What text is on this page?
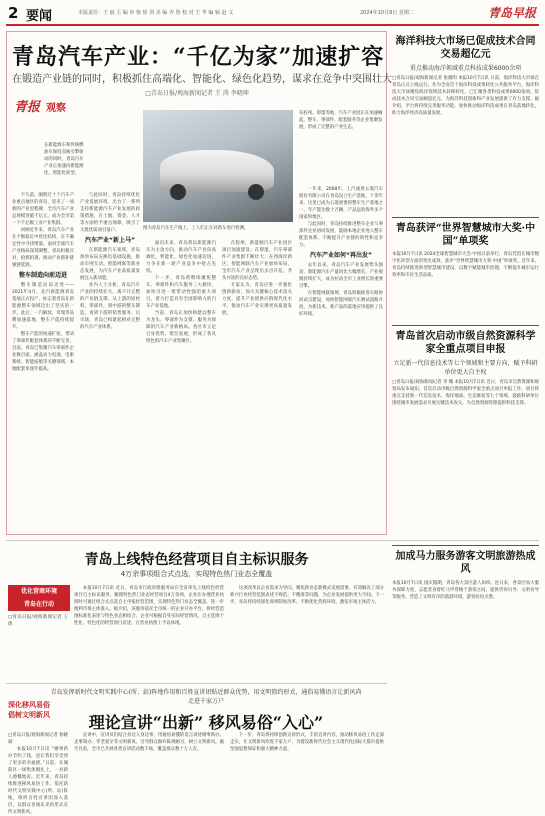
2 要闻	本版责任：王 丽 主 编 审 核 徐 剑 美 编 齐 鲁 校 对 王 华 编 辑 赵 文	2024年10月8日 星期二	青岛早报
青岛汽车产业：“千亿为家”加速扩容
在锻造产业链的同时，积极抓住高端化、智能化、绿色化趋势，谋求在竞争中突围壮大
□青岛日报/观海新闻记者 王 涛 李晓坤
青报 观察
在新能源车和传统燃油车保持双核引擎驱动的同时，青岛汽车产业正加速向新能源化、智能化转型。
图为青岛汽车生产线上，工人们正在对新车进行检测。
在胶州、即墨等地，汽车产业园正在加速崛起，整车、零部件、配套服务等企业集聚发展，形成了完整的产业生态。

不久前，刚跨过十个汽车产业重点地区的青岛，迎来了一项新的产业里程碑，全市汽车产业总规模突破千亿元，成为全市第一个千亿级工业产业集群。

回顾近年来，青岛汽车产业在不断稳定中优化结构，在不确定性中寻找增量。面对全球汽车产业格局深刻调整，青岛积极应对，抢抓机遇，推动产业链补链强链延链。

整车制造向前迈进

整车制造向前迈进——2021年4月，北汽新能源青岛基地正式投产，标志着青岛在新能源整车领域迈出了坚实的一步。此后，一汽解放、奇瑞等品牌加速落地，整车产能持续提升。

整车产能的快速扩张，带动了零部件配套体系的不断完善。目前，青岛已集聚汽车零部件企业数百家，涵盖动力电池、电驱系统、智能座舱等关键领域，本地配套率逐年提高。

与此同时，青岛持续优化产业发展环境，出台了一系列支持新能源汽车产业发展的政策措施，在土地、资金、人才等方面给予重点保障，吸引了大批优质项目落户。

汽车产业“新上马”

在新能源汽车领域，青岛加快布局充换电基础设施，推动车网互动、智能网联等新业态发展，为汽车产业高质量发展注入新动能。

业内人士分析，青岛汽车产业的持续壮大，离不开完整的产业链支撑。从上游的原材料、零部件，到中游的整车制造，再到下游的销售服务、后市场，青岛已构建起相对完整的汽车产业体系。

面向未来，青岛将以新能源汽车为主攻方向，推动汽车产业向高端化、智能化、绿色化加速迈进，力争在新一轮产业竞争中抢占先机。

下一步，青岛将继续聚焦整车、零部件和汽车服务三大板块，加快引进一批带动性强的重大项目，着力打造具有全国影响力的汽车产业基地。

当前，青岛正加快构建以整车为龙头、零部件为支撑、服务为保障的汽车产业新格局。各区市立足自身优势，错位发展，形成了各具特色的汽车产业集聚区。

在胶州，新能源汽车产业园区项目加速建设；在即墨，汽车零部件产业集群不断壮大；在西海岸新区，智能网联汽车产业加快布局，全市汽车产业呈现出多点开花、齐头并进的良好态势。

专家认为，青岛应进一步强化创新驱动，加大关键核心技术攻关力度，提升产业链供应链现代化水平，推动汽车产业实现更高质量发展。

一年来，2008年，上汽通用五菱汽车股份有限公司在青岛设立生产基地，十余年来，这里已成为五菱重要的整车生产基地之一，年产能达数十万辆，产品远销海外多个国家和地区。

与此同时，青岛持续推进整车企业与零部件企业协同发展，鼓励本地企业进入整车配套体系，不断提升产业链的韧性和竞争力。

汽车产业如何“再出发”

去年以来，青岛汽车产业发展势头强劲，新能源汽车产量同比大幅增长，产业规模持续扩大，成为拉动全市工业增长的重要引擎。

在智能网联领域，青岛积极推进车路协同试点建设，加快智能网联汽车测试道路开放，为新技术、新产品的落地应用提供了良好环境。

海洋科技大市场已促成技术合同交易超亿元
重点推动海洋领域重点科技成果6000余项
□青岛日报/观海新闻记者 张晓明 本报10月7日讯 日前，海洋科技大市场在青岛正式上线运行。作为全省首个海洋科技成果转化公共服务平台，海洋科技大市场聚焦海洋领域技术转移转化，已汇聚各类科技成果6000余项，促成技术合同交易额超亿元，为海洋科技创新和产业发展提供了有力支撑。据介绍，平台将持续完善服务功能，加快推动海洋科技成果在青岛落地转化，助力海洋经济高质量发展。
青岛获评“世界智慧城市大奖·中国”单项奖
本报10月7日讯 2024全球智慧城市大会·中国日前举行，青岛凭借在城市数字化转型方面的突出成效，获评“世界智慧城市大奖·中国”单项奖。近年来，青岛持续推进新型智慧城市建设，以数字赋能城市治理，不断提升城市运行效率和市民生活品质。
青岛首次启动市级自然资源科学家全重点项目申报
立足新一代信息技术等七个领域和主要方向，赋予科研单位更大自主权
□青岛日报/观海新闻记者 李 娜 本报10月7日讯 近日，青岛市自然资源和规划局发布通知，首次启动市级自然资源科学家全重点项目申报工作。项目将重点支持新一代信息技术、海洋地质、生态修复等七个领域，鼓励科研单位围绕城市发展需求开展关键技术攻关，为自然资源管理提供科技支撑。
青岛上线特色经营项目自主标识服务
4万余事项组合式点选，实现特色热门业态全覆盖
优化营商环境
青岛在行动
□青岛日报/观海新闻记者 王 倩

本报10月7日讯 近日，青岛市行政审批服务局在全省率先上线特色经营项目自主标识服务，梳理特色热门业态经营项目4万余项，企业在办理营业执照时可通过组合式点选自主申报经营范围，实现特色热门业态全覆盖，进一步便利市场主体准入。据介绍，该服务依托全市统一的企业开办平台，将经营范围标准化表述与特色业态相结合，企业可根据自身实际经营情况，自主选择个性化、特色化的经营项目表述，在营业执照上予以体现。

这项改革以企业需求为导向，聚焦新业态新模式发展需要，有效解决了部分新兴行业经营范围表述不规范、不精准等问题，为企业发展提供更大空间。下一步，青岛将持续深化商事制度改革，不断优化营商环境，激发市场主体活力。

青岛发挥新时代文明实践中心(所、站)阵地作用和百姓宣讲团贴近群众优势，用文明简约形式，通俗易懂语言让新风尚走进千家万户
理论宣讲“出新” 移风易俗“入心”
深化移风易俗
倡树文明新风
□青岛日报/观海新闻记者 杨晓斌

本报10月7日讯 “婚事新办节约了钱，也让我们享受到了更多的幸福感。”日前，在城阳区一场集体婚礼上，一对新人感慨地说。近年来，青岛持续推进移风易俗工作，依托新时代文明实践中心(所、站)阵地，组织百姓宣讲团深入基层，以群众喜闻乐见的形式宣传文明新风。

宣讲中，宣讲员们结合身边人身边事，用通俗易懂的语言讲述婚事新办、丧事简办、孝老爱亲等文明新风，引导群众摒弃陈规陋习，树立文明新风。截至目前，全市已开展各类宣讲活动数千场，覆盖群众数十万人次。

下一步，青岛将持续创新宣讲形式，丰富宣讲内容，推动移风易俗工作走深走实，让文明新风吹进千家万户，为建设新时代社会主义现代化国际大都市提供坚强思想保证和强大精神力量。

加成马力服务游客文明旅游热成风
本报10月7日讯 国庆假期，青岛各大景区游人如织。连日来，各景区加大服务保障力度，志愿者身着红马甲穿梭于游客之间，提供咨询引导、文明劝导等服务，营造了文明有序的旅游环境，游客纷纷点赞。
